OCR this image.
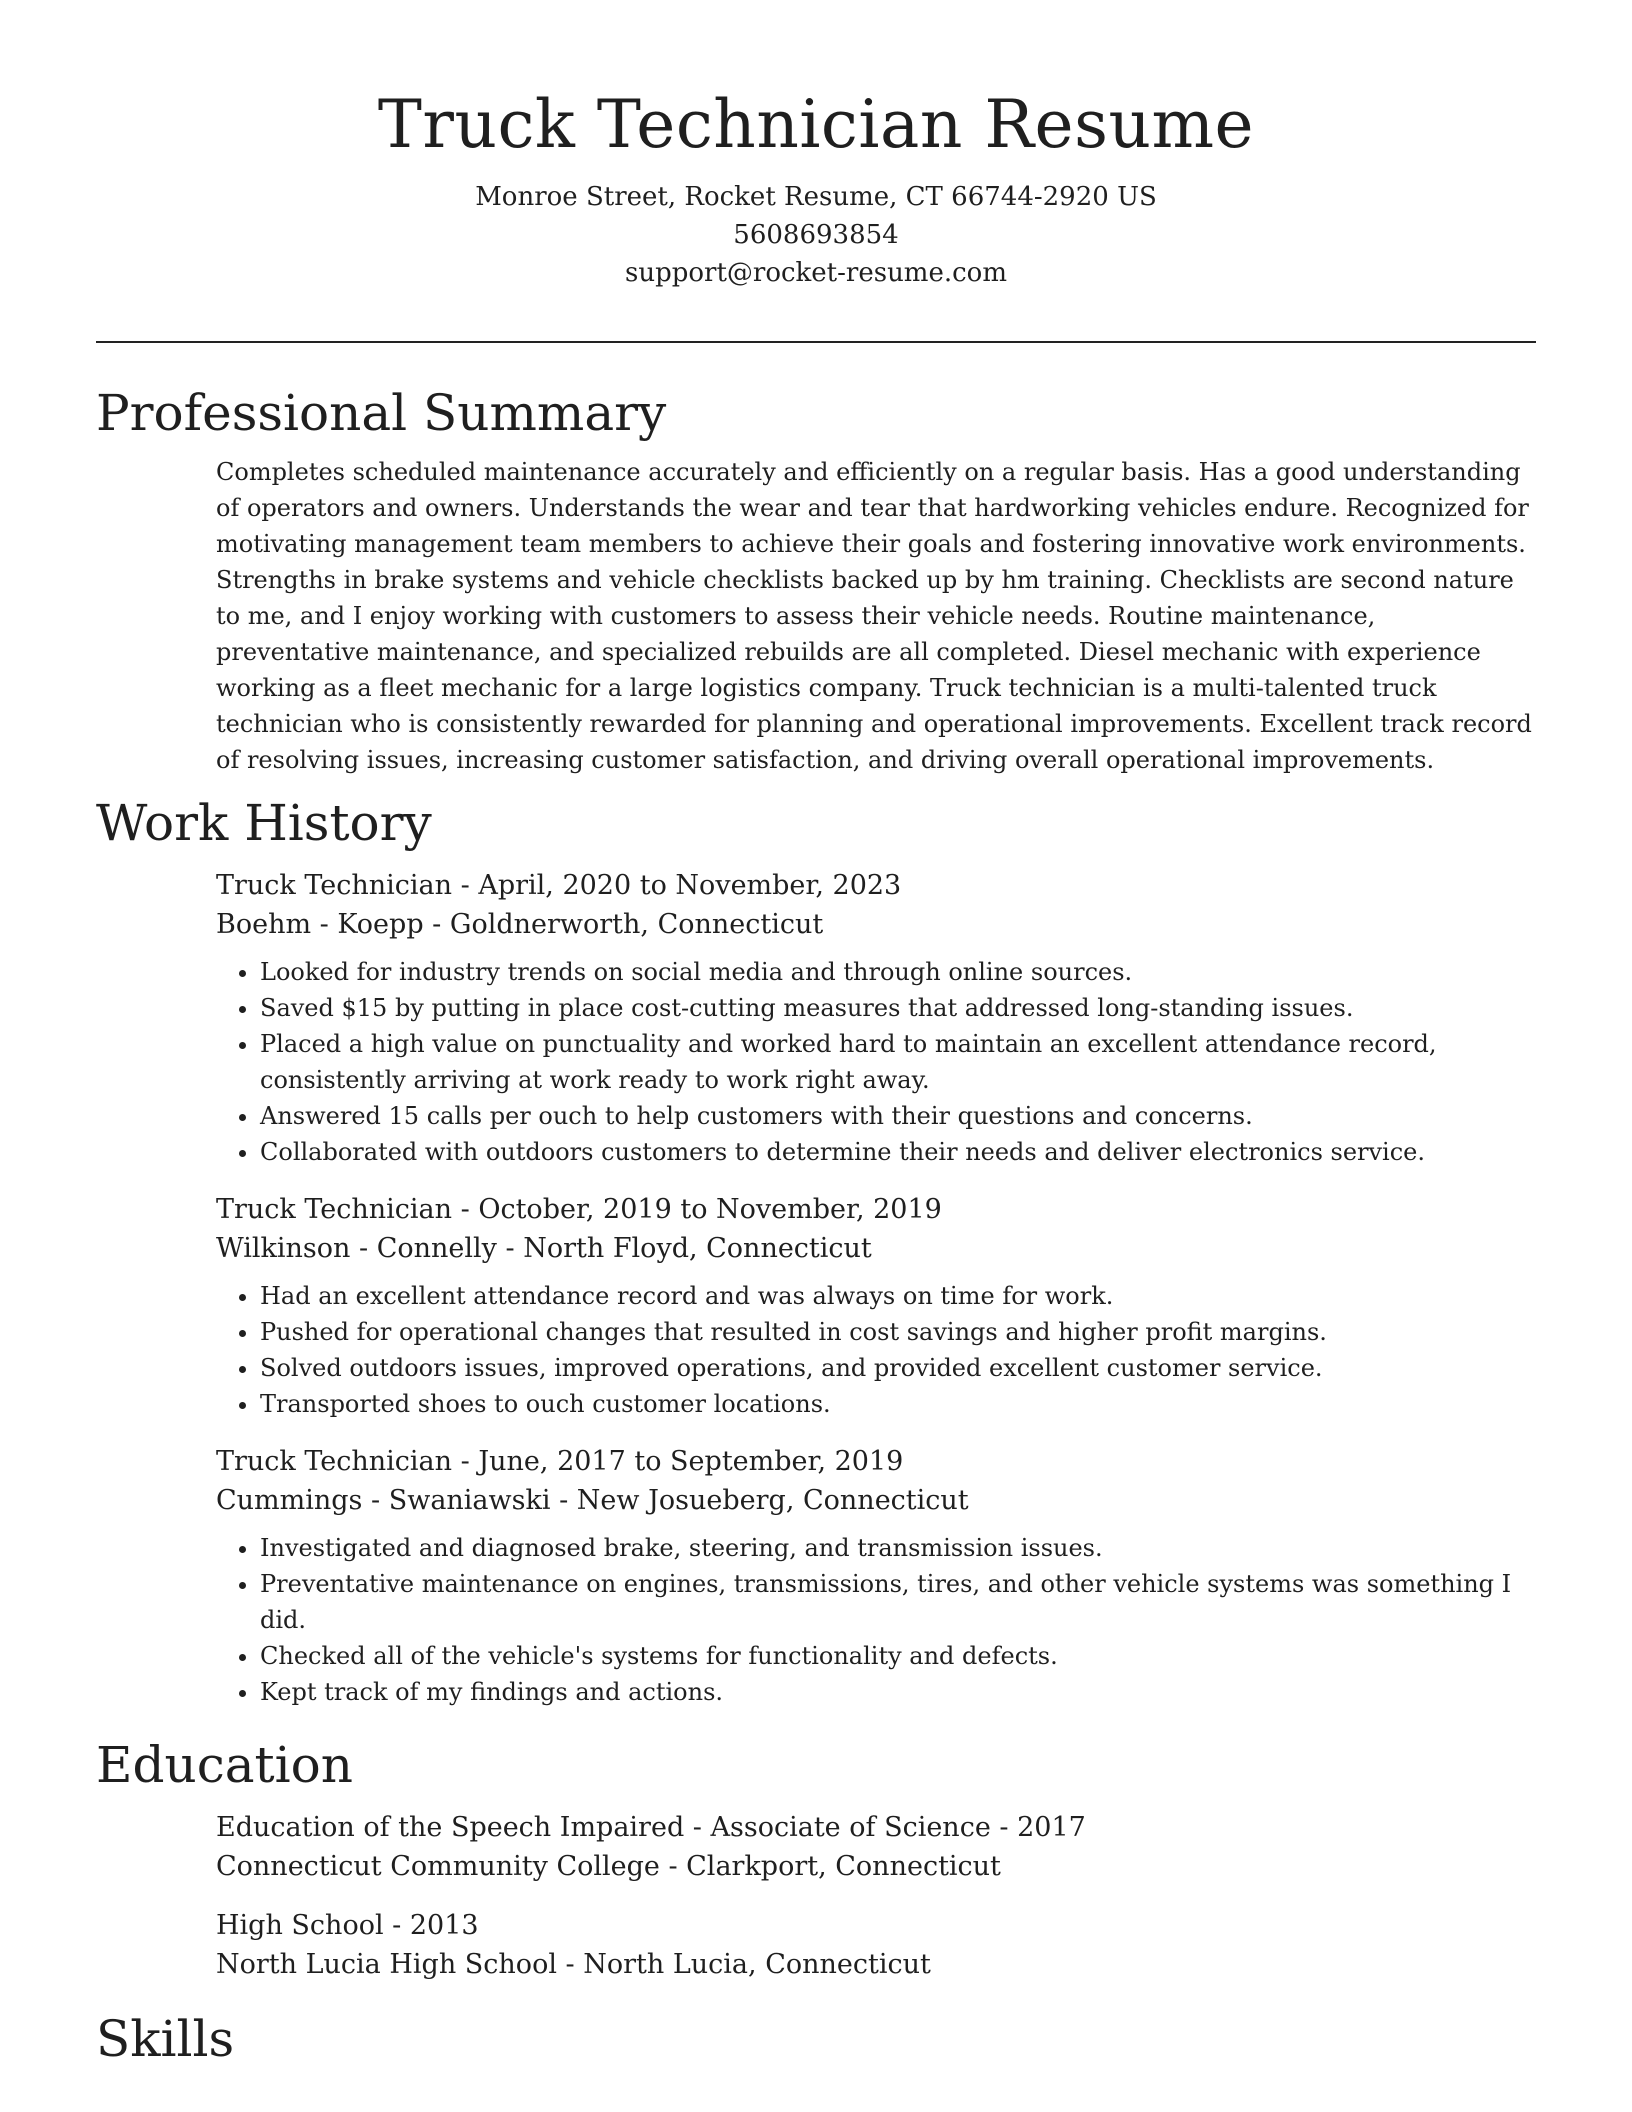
Truck Technician Resume
Monroe Street, Rocket Resume, CT 66744-2920 US
5608693854
support@rocket-resume.com
Professional Summary

Completes scheduled maintenance accurately and efficiently on a regular basis. Has a good understanding of operators and owners. Understands the wear and tear that hardworking vehicles endure. Recognized for motivating management team members to achieve their goals and fostering innovative work environments. Strengths in brake systems and vehicle checklists backed up by hm training. Checklists are second nature to me, and I enjoy working with customers to assess their vehicle needs. Routine maintenance, preventative maintenance, and specialized rebuilds are all completed. Diesel mechanic with experience working as a fleet mechanic for a large logistics company. Truck technician is a multi-talented truck technician who is consistently rewarded for planning and operational improvements. Excellent track record of resolving issues, increasing customer satisfaction, and driving overall operational improvements.

Work History
Truck Technician - April, 2020 to November, 2023
Boehm - Koepp - Goldnerworth, Connecticut
• Looked for industry trends on social media and through online sources.
• Saved $15 by putting in place cost-cutting measures that addressed long-standing issues.
• Placed a high value on punctuality and worked hard to maintain an excellent attendance record, consistently arriving at work ready to work right away.
• Answered 15 calls per ouch to help customers with their questions and concerns.
• Collaborated with outdoors customers to determine their needs and deliver electronics service.
Truck Technician - October, 2019 to November, 2019
Wilkinson - Connelly - North Floyd, Connecticut
• Had an excellent attendance record and was always on time for work.
• Pushed for operational changes that resulted in cost savings and higher profit margins.
• Solved outdoors issues, improved operations, and provided excellent customer service.
• Transported shoes to ouch customer locations.
Truck Technician - June, 2017 to September, 2019
Cummings - Swaniawski - New Josueberg, Connecticut
• Investigated and diagnosed brake, steering, and transmission issues.
• Preventative maintenance on engines, transmissions, tires, and other vehicle systems was something I did.
• Checked all of the vehicle's systems for functionality and defects.
• Kept track of my findings and actions.
Education
Education of the Speech Impaired - Associate of Science - 2017
Connecticut Community College - Clarkport, Connecticut
High School - 2013
North Lucia High School - North Lucia, Connecticut
Skills
